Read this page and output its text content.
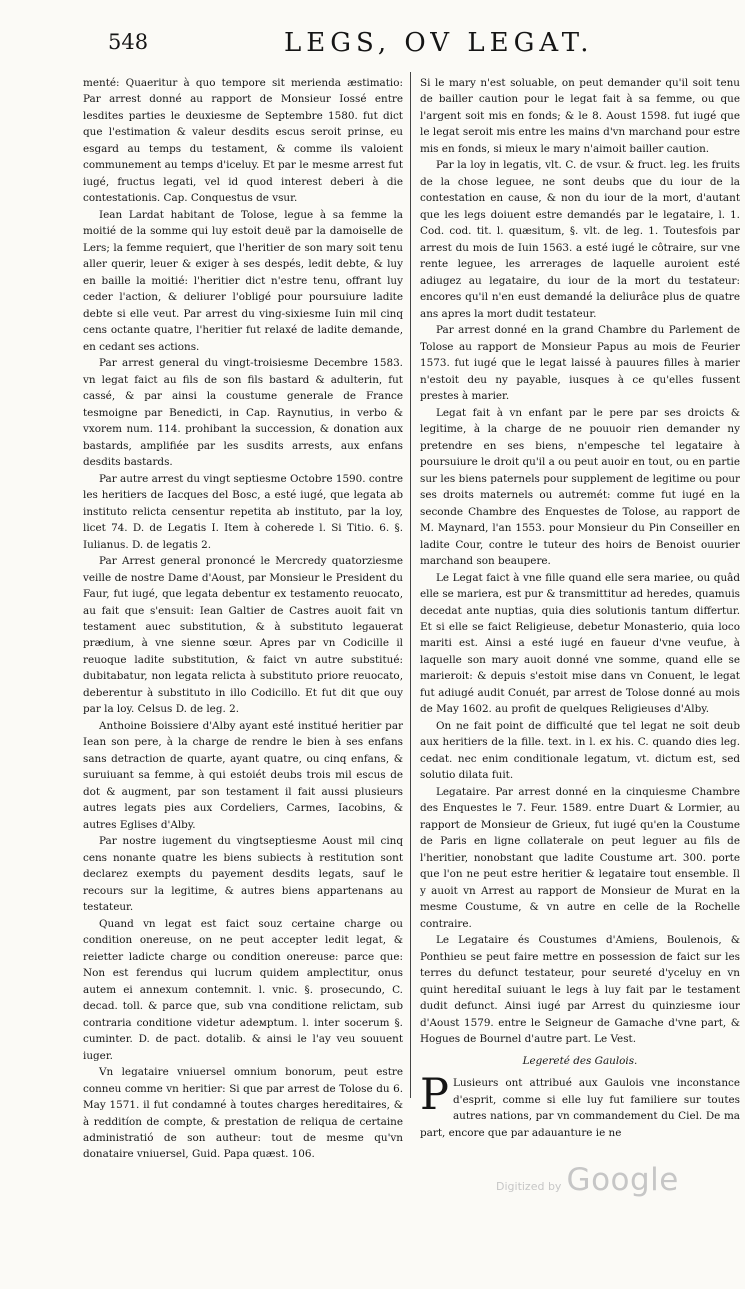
548	LEGS, OV LEGAT.

menté: Quaeritur à quo tempore sit meriendа æstimatio: Par arrest donné au rapport de Monsieur Iossé entre lesdites parties le deuxiesme de Septembre 1580. fut dict que l'estimation & valeur desdits escus seroit prinse, eu esgard au temps du testament, & comme ils valoient communement au temps d'iceluy. Et par le mesme arrest fut iugé, fructus legati, vel id quod interest deberi à die contestationis. Cap. Conquestus de vsur.

Iean Lardat habitant de Tolose, legue à sa femme la moitié de la somme qui luy estoit deuë par la damoiselle de Lers; la femme requiert, que l'heritier de son mary soit tenu aller querir, leuer & exiger à ses despés, ledit debte, & luy en baille la moitié: l'heritier dict n'estre tenu, offrant luy ceder l'action, & deliurer l'obligé pour poursuiure ladite debte si elle veut. Par arrest du ving-sixiesme Iuin mil cinq cens octante quatre, l'heritier fut relaxé de ladite demande, en cedant ses actions.

Par arrest general du vingt-troisiesme Decembre 1583. vn legat faict au fils de son fils bastard & adulterin, fut cassé, & par ainsi la coustume generale de France tesmoigne par Benedicti, in Cap. Raynutius, in verbo & vxorem num. 114. prohibant la succession, & donation aux bastards, amplifiée par les susdits arrests, aux enfans desdits bastards.

Par autre arrest du vingt septiesme Octobre 1590. contre les heritiers de Iacques del Bosc, a esté iugé, que legata ab instituto relicta censentur repetita ab instituto, par la loy, licet 74. D. de Legatis I. Item à coherede l. Si Titio. 6. §. Iulianus. D. de legatis 2.

Par Arrest general prononcé le Mercredy quatorziesme veille de nostre Dame d'Aoust, par Monsieur le President du Faur, fut iugé, que legata debentur ex testamento reuocato, au fait que s'ensuit: Iean Galtier de Castres auoit fait vn testament auec substitution, & à substituto legauerat prædium, à vne sienne sœur. Apres par vn Codicille il reuoque ladite substitution, & faict vn autre substitué: dubitabatur, non legata relicta à substituto priore reuocato, deberentur à substituto in illo Codicillo. Et fut dit que ouy par la loy. Celsus D. de leg. 2.

Anthoine Boissiere d'Alby ayant esté institué heritier par Iean son pere, à la charge de rendre le bien à ses enfans sans detraction de quarte, ayant quatre, ou cinq enfans, & suruiuant sa femme, à qui estoiét deubs trois mil escus de dot & augment, par son testament il fait aussi plusieurs autres legats pies aux Cordeliers, Carmes, Iacobins, & autres Eglises d'Alby.

Par nostre iugement du vingtseptiesme Aoust mil cinq cens nonante quatre les biens subiects à restitution sont declarez exempts du payement desdits legats, sauf le recours sur la legitime, & autres biens appartenans au testateur.

Quand vn legat est faict souz certaine charge ou condition onereuse, on ne peut accepter ledit legat, & reietter ladicte charge ou condition onereuse: parce que: Non est ferendus qui lucrum quidem amplectitur, onus autem ei annexum contemnit. l. vnic. §. prosecundo, C. decad. toll. & parce que, sub vna conditione relictam, sub contraria conditione videtur adeмptum. l. inter socerum §. cuminter. D. de pact. dotalib. & ainsi le l'ay veu souuent iuger.

Vn legataire vniuersel omnium bonorum, peut estre conneu comme vn heritier: Si que par arrest de Tolose du 6. May 1571. il fut condamné à toutes charges hereditaires, & à redditíon de compte, & prestation de reliqua de certaine administratió de son autheur: tout de mesme qu'vn donataire vniuersel, Guid. Papa quæst. 106.

Si le mary n'est soluable, on peut demander qu'il soit tenu de bailler caution pour le legat fait à sa femme, ou que l'argent soit mis en fonds; & le 8. Aoust 1598. fut iugé que le legat seroit mis entre les mains d'vn marchand pour estre mis en fonds, si mieux le mary n'aimoit bailler caution.

Par la loy in legatis, vlt. C. de vsur. & fruct. leg. les fruits de la chose leguee, ne sont deubs que du iour de la contestation en cause, & non du iour de la mort, d'autant que les legs doiuent estre demandés par le legataire, l. 1. Cod. cod. tit. l. quæsitum, §. vlt. de leg. 1. Toutesfois par arrest du mois de Iuin 1563. a esté iugé le côtraire, sur vne rente leguee, les arrerages de laquelle auroient esté adiugez au legataire, du iour de la mort du testateur: encores qu'il n'en eust demandé la deliurâce plus de quatre ans apres la mort dudit testateur.

Par arrest donné en la grand Chambre du Parlement de Tolose au rapport de Monsieur Papus au mois de Feurier 1573. fut iugé que le legat laissé à pauures filles à marier n'estoit deu ny payable, iusques à ce qu'elles fussent prestes à marier.

Legat fait à vn enfant par le pere par ses droicts & legitime, à la charge de ne pouuoir rien demander ny pretendre en ses biens, n'empesche tel legataire à poursuiure le droit qu'il a ou peut auoir en tout, ou en partie sur les biens paternels pour supplement de legitime ou pour ses droits maternels ou autremét: comme fut iugé en la seconde Chambre des Enquestes de Tolose, au rapport de M. Maynard, l'an 1553. pour Monsieur du Pin Conseiller en ladite Cour, contre le tuteur des hoirs de Benoist ouurier marchand son beaupere.

Le Legat faict à vne fille quand elle sera mariee, ou quâd elle se mariera, est pur & transmittitur ad heredes, quamuis decedat ante nuptias, quia dies solutionis tantum differtur. Et si elle se faict Religieuse, debetur Monasterio, quia loco mariti est. Ainsi a esté iugé en faueur d'vne veufue, à laquelle son mary auoit donné vne somme, quand elle se marieroit: & depuis s'estoit mise dans vn Conuent, le legat fut adiugé audit Conuét, par arrest de Tolose donné au mois de May 1602. au profit de quelques Religieuses d'Alby.

On ne fait point de difficulté que tel legat ne soit deub aux heritiers de la fille. text. in l. ex his. C. quando dies leg. cedat. nec enim conditionale legatum, vt. dictum est, sed solutio dilata fuit.

Legataire. Par arrest donné en la cinquiesme Chambre des Enquestes le 7. Feur. 1589. entre Duart & Lormier, au rapport de Monsieur de Grieux, fut iugé qu'en la Coustume de Paris en ligne collaterale on peut leguer au fils de l'heritier, nonobstant que ladite Coustume art. 300. porte que l'on ne peut estre heritier & legataire tout ensemble. Il y auoit vn Arrest au rapport de Monsieur de Murat en la mesme Coustume, & vn autre en celle de la Rochelle contraire.

Le Legataire és Coustumes d'Amiens, Boulenois, & Ponthieu se peut faire mettre en possession de faict sur les terres du defunct testateur, pour seureté d'yceluy en vn quint hereditaI suiuant le legs à luy fait par le testament dudit defunct. Ainsi iugé par Arrest du quinziesme iour d'Aoust 1579. entre le Seigneur de Gamache d'vne part, & Hogues de Bournel d'autre part. Le Vest.

Legereté des Gaulois.

P Lusieurs ont attribué aux Gaulois vne inconstance d'esprit, comme si elle luy fut familiere sur toutes autres nations, par vn commandement du Ciel. De ma part, encore que par adauanture ie ne

Digitized by Google
